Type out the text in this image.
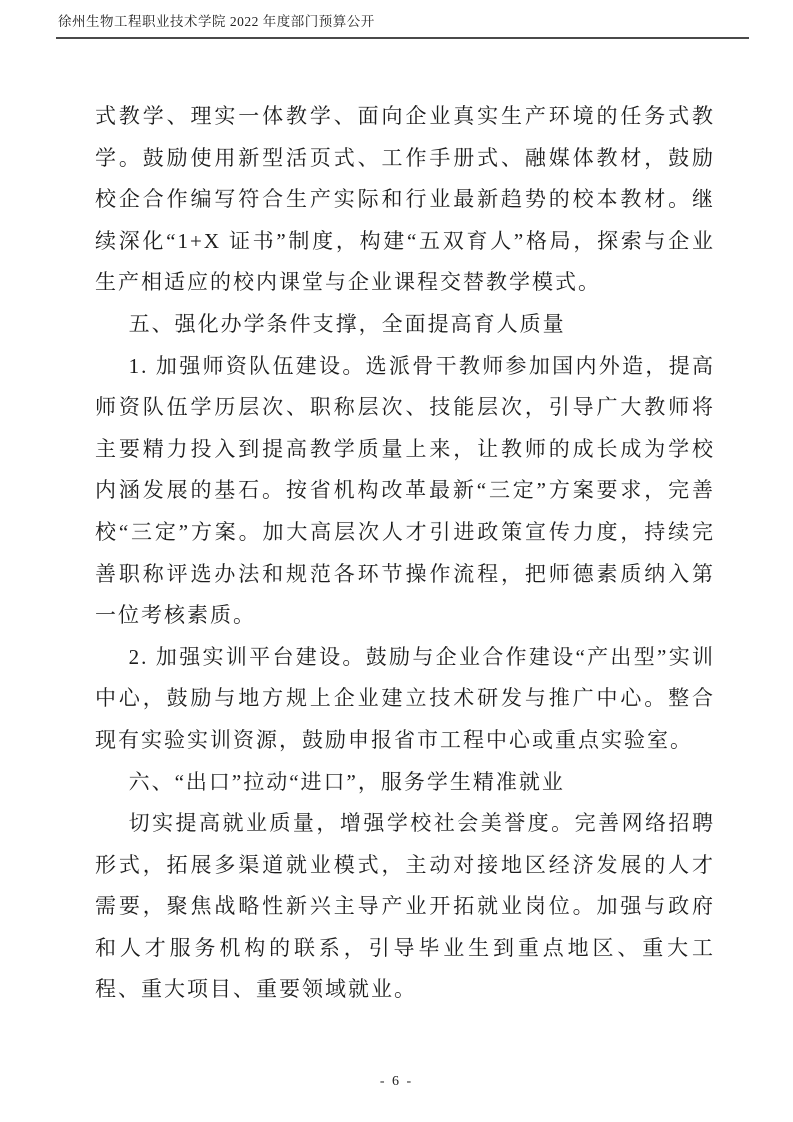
徐州生物工程职业技术学院 2022 年度部门预算公开

式教学、理实一体教学、面向企业真实生产环境的任务式教学。鼓励使用新型活页式、工作手册式、融媒体教材，鼓励校企合作编写符合生产实际和行业最新趋势的校本教材。继续深化“1+X 证书”制度，构建“五双育人”格局，探索与企业生产相适应的校内课堂与企业课程交替教学模式。

五、强化办学条件支撑，全面提高育人质量

1. 加强师资队伍建设。选派骨干教师参加国内外造，提高师资队伍学历层次、职称层次、技能层次，引导广大教师将主要精力投入到提高教学质量上来，让教师的成长成为学校内涵发展的基石。按省机构改革最新“三定”方案要求，完善校“三定”方案。加大高层次人才引进政策宣传力度，持续完善职称评选办法和规范各环节操作流程，把师德素质纳入第一位考核素质。

2. 加强实训平台建设。鼓励与企业合作建设“产出型”实训中心，鼓励与地方规上企业建立技术研发与推广中心。整合现有实验实训资源，鼓励申报省市工程中心或重点实验室。

六、“出口”拉动“进口”，服务学生精准就业

切实提高就业质量，增强学校社会美誉度。完善网络招聘形式，拓展多渠道就业模式，主动对接地区经济发展的人才需要，聚焦战略性新兴主导产业开拓就业岗位。加强与政府和人才服务机构的联系，引导毕业生到重点地区、重大工程、重大项目、重要领域就业。

- 6 -
